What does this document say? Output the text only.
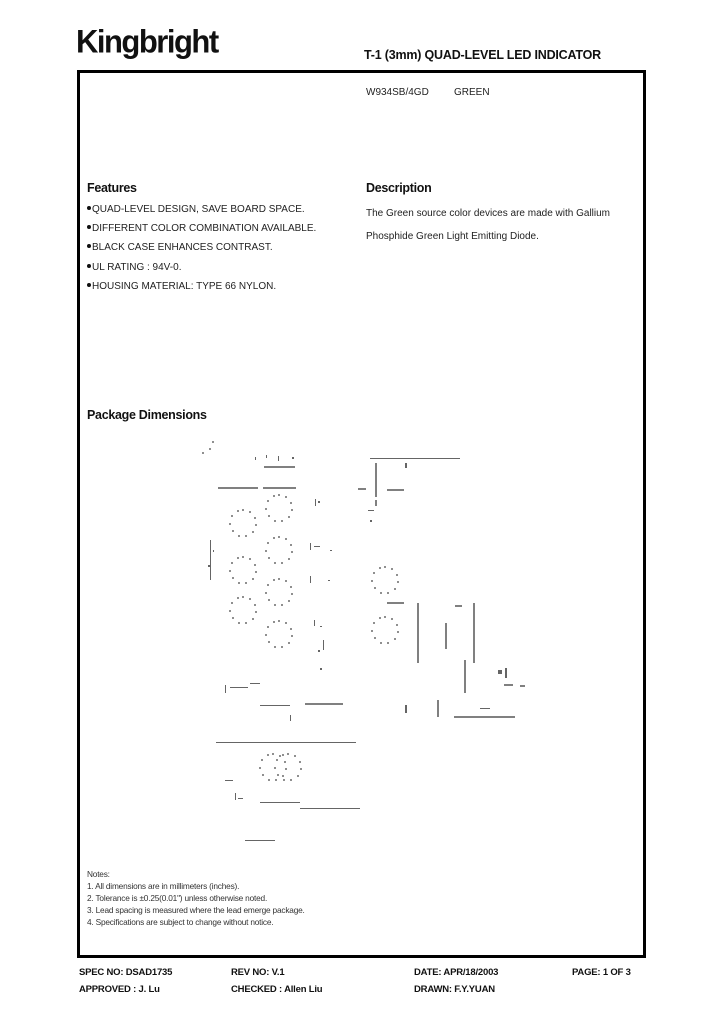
Kingbright	T-1 (3mm) QUAD-LEVEL LED INDICATOR
W934SB/4GD	GREEN
Features
QUAD-LEVEL DESIGN, SAVE BOARD SPACE.
DIFFERENT COLOR COMBINATION AVAILABLE.
BLACK CASE ENHANCES CONTRAST.
UL RATING : 94V-0.
HOUSING MATERIAL: TYPE 66 NYLON.
Description
The Green source color devices are made with Gallium Phosphide Green Light Emitting Diode.
Package Dimensions
Notes:
1. All dimensions are in millimeters (inches).
2. Tolerance is ±0.25(0.01") unless otherwise noted.
3. Lead spacing is measured where the lead emerge package.
4. Specifications are subject to change without notice.
SPEC NO: DSAD1735	REV NO: V.1	DATE: APR/18/2003	PAGE: 1 OF 3
APPROVED : J. Lu	CHECKED : Allen Liu	DRAWN: F.Y.YUAN
